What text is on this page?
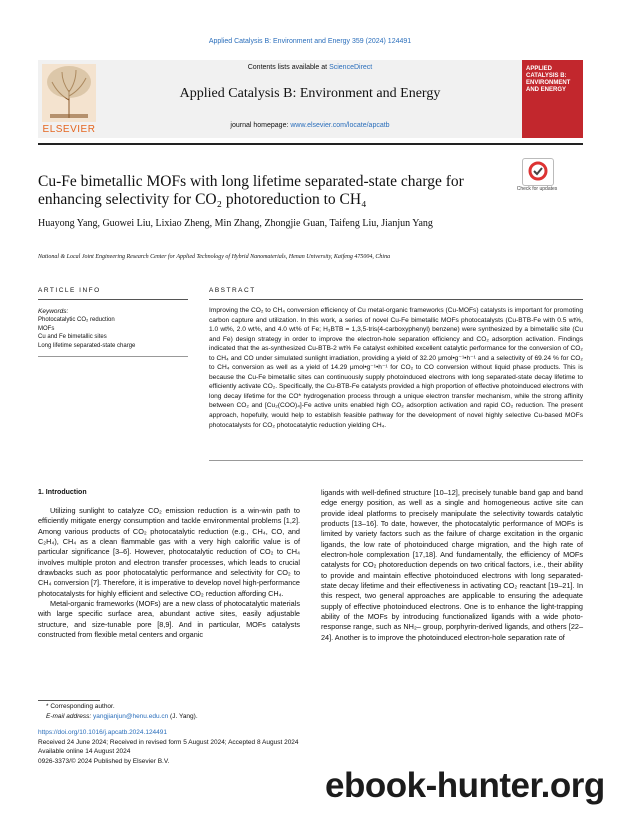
Applied Catalysis B: Environment and Energy 359 (2024) 124491
ELSEVIER
Contents lists available at ScienceDirect
Applied Catalysis B: Environment and Energy
journal homepage: www.elsevier.com/locate/apcatb
APPLIED CATALYSIS B: ENVIRONMENT AND ENERGY
Cu-Fe bimetallic MOFs with long lifetime separated-state charge for enhancing selectivity for CO₂ photoreduction to CH₄
Check for updates
Huayong Yang, Guowei Liu, Lixiao Zheng, Min Zhang, Zhongjie Guan, Taifeng Liu, Jianjun Yang
National & Local Joint Engineering Research Center for Applied Technology of Hybrid Nanomaterials, Henan University, Kaifeng 475004, China
ARTICLE INFO	ABSTRACT
Keywords:
Photocatalytic CO₂ reduction
MOFs
Cu and Fe bimetallic sites
Long lifetime separated-state charge
Improving the CO₂ to CH₄ conversion efficiency of Cu metal-organic frameworks (Cu-MOFs) catalysts is important for promoting carbon capture and utilization. In this work, a series of novel Cu-Fe bimetallic MOFs photocatalysts (Cu-BTB-Fe with 0.5 wt%, 1.0 wt%, 2.0 wt%, and 4.0 wt% of Fe; H₃BTB = 1,3,5-tris(4-carboxyphenyl) benzene) were synthesized by a bimetallic site (Cu and Fe) design strategy in order to improve the electron-hole separation efficiency and CO₂ adsorption activation. Findings indicated that the as-synthesized Cu-BTB-2 wt% Fe catalyst exhibited excellent catalytic performance for the conversion of CO₂ to CH₄ and CO under simulated sunlight irradiation, providing a yield of 32.20 μmol•g⁻¹•h⁻¹ and a selectivity of 69.24 % for CO₂ to CH₄ conversion as well as a yield of 14.29 μmol•g⁻¹•h⁻¹ for CO₂ to CO conversion without liquid phase products. This is because the Cu-Fe bimetallic sites can continuously supply photoinduced electrons with long separated-state decay lifetime to efficiently activate CO₂. Specifically, the Cu-BTB-Fe catalysts provided a high proportion of effective photoinduced electrons with long decay lifetime for the CO* hydrogenation process through a unique electron transfer mechanism, while the strong affinity between CO₂ and [Cu₂(COO)₄]-Fe active units enabled high CO₂ adsorption activation and rapid CO₂ reduction. The present approach, hopefully, would help to establish feasible pathway for the development of novel highly selective Cu-based MOFs photocatalysts for CO₂ photocatalytic reduction yielding CH₄.
1. Introduction

Utilizing sunlight to catalyze CO₂ emission reduction is a win-win path to efficiently mitigate energy consumption and tackle environmental problems [1,2]. Among various products of CO₂ photocatalytic reduction (e.g., CH₄, CO, and C₂H₄), CH₄ as a clean flammable gas with a very high calorific value is of particular significance [3–6]. However, photocatalytic reduction of CO₂ to CH₄ involves multiple proton and electron transfer processes, which leads to crucial drawbacks such as poor photocatalytic performance and selectivity for CO₂ to CH₄ conversion [7]. Therefore, it is imperative to develop novel high-performance photocatalysts for highly efficient and selective CO₂ reduction affording CH₄.

Metal-organic frameworks (MOFs) are a new class of photocatalytic materials with large specific surface area, abundant active sites, easily adjustable structure, and size-tunable pore [8,9]. And in particular, MOFs catalysts constructed from flexible metal centers and organic

ligands with well-defined structure [10–12], precisely tunable band gap and band edge energy position, as well as a single and homogeneous active site can provide ideal platforms to precisely manipulate the selectivity towards catalytic products [13–16]. To date, however, the photocatalytic performance of MOFs is limited by variety factors such as the failure of charge excitation in the organic ligands, the low rate of photoinduced charge migration, and the high rate of electron-hole complexation [17,18]. And fundamentally, the efficiency of MOFs catalysts for CO₂ photoreduction depends on two critical factors, i.e., their ability to provide and maintain effective photoinduced electrons with long separated-state decay lifetime and their effectiveness in activating CO₂ reactant [19–21]. In this respect, two general approaches are applicable to ensuring the adequate supply of effective photoinduced electrons. One is to enhance the light-trapping ability of the MOFs by introducing functionalized ligands with a wide photo-response range, such as NH₂– group, porphyrin-derived ligands, and others [22–24]. Another is to improve the photoinduced electron-hole separation rate of

* Corresponding author.
E-mail address: yangjianjun@henu.edu.cn (J. Yang).
https://doi.org/10.1016/j.apcatb.2024.124491
Received 24 June 2024; Received in revised form 5 August 2024; Accepted 8 August 2024
Available online 14 August 2024
0926-3373/© 2024 Published by Elsevier B.V.
ebook-hunter.org
